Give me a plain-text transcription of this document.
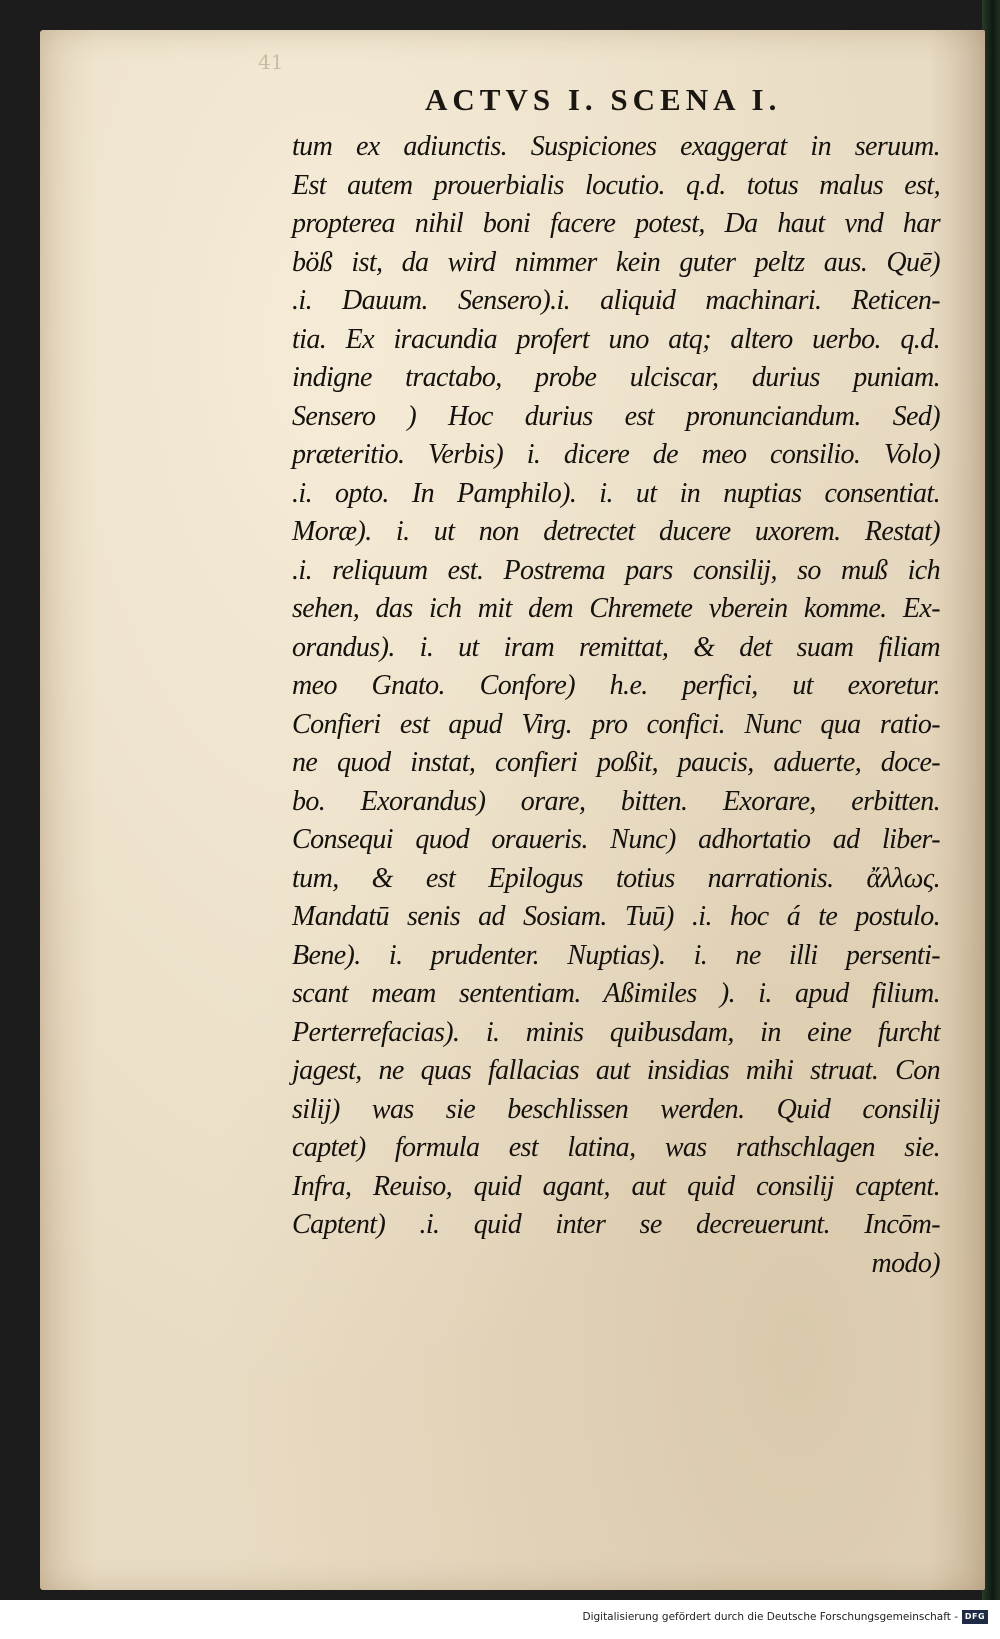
41
ACTVS I. SCENA I.
tum ex adiunctis. Suspiciones exaggerat in seruum.
Est autem prouerbialis locutio. q.d. totus malus est,
propterea nihil boni facere potest, Da haut vnd har
böß ist, da wird nimmer kein guter peltz aus. Quē)
.i. Dauum. Sensero).i. aliquid machinari. Reticen-
tia. Ex iracundia profert uno atq; altero uerbo. q.d.
indigne tractabo, probe ulciscar, durius puniam.
Sensero ) Hoc durius est pronunciandum. Sed)
præteritio. Verbis) i. dicere de meo consilio. Volo)
.i. opto. In Pamphilo). i. ut in nuptias consentiat.
Moræ). i. ut non detrectet ducere uxorem. Restat)
.i. reliquum est. Postrema pars consilij, so muß ich
sehen, das ich mit dem Chremete vberein komme. Ex-
orandus). i. ut iram remittat, & det suam filiam
meo Gnato. Confore) h.e. perfici, ut exoretur.
Confieri est apud Virg. pro confici. Nunc qua ratio-
ne quod instat, confieri poßit, paucis, aduerte, doce-
bo. Exorandus) orare, bitten. Exorare, erbitten.
Consequi quod oraueris. Nunc) adhortatio ad liber-
tum, & est Epilogus totius narrationis. ἄλλως.
Mandatū senis ad Sosiam. Tuū) .i. hoc á te postulo.
Bene). i. prudenter. Nuptias). i. ne illi persenti-
scant meam sententiam. Aßimiles ). i. apud filium.
Perterrefacias). i. minis quibusdam, in eine furcht
jagest, ne quas fallacias aut insidias mihi struat. Con
silij) was sie beschlissen werden. Quid consilij
captet) formula est latina, was rathschlagen sie.
Infra, Reuiso, quid agant, aut quid consilij captent.
Captent) .i. quid inter se decreuerunt. Incōm-
modo)
Digitalisierung gefördert durch die Deutsche Forschungsgemeinschaft - DFG
